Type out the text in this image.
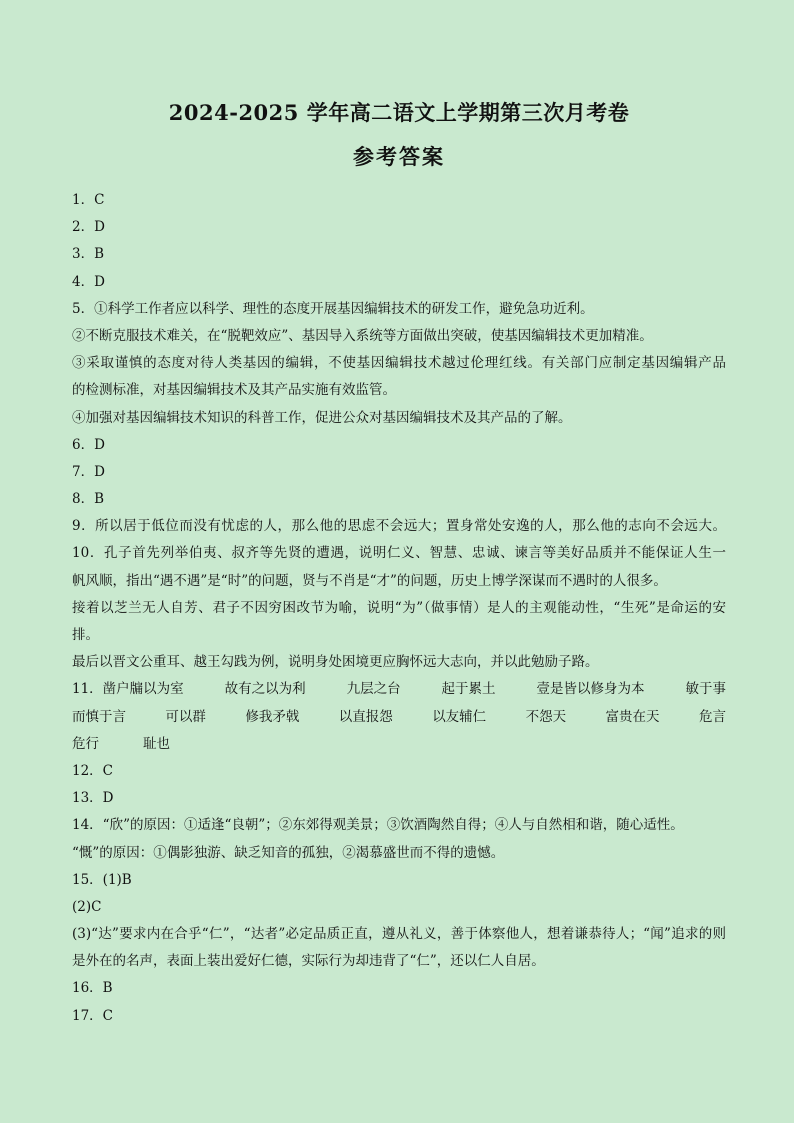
2024-2025 学年高二语文上学期第三次月考卷
参考答案
1．C
2．D
3．B
4．D
5．①科学工作者应以科学、理性的态度开展基因编辑技术的研发工作，避免急功近利。
②不断克服技术难关，在“脱靶效应”、基因导入系统等方面做出突破，使基因编辑技术更加精准。
③采取谨慎的态度对待人类基因的编辑，不使基因编辑技术越过伦理红线。有关部门应制定基因编辑产品
的检测标准，对基因编辑技术及其产品实施有效监管。
④加强对基因编辑技术知识的科普工作，促进公众对基因编辑技术及其产品的了解。
6．D
7．D
8．B
9．所以居于低位而没有忧虑的人，那么他的思虑不会远大；置身常处安逸的人，那么他的志向不会远大。
10．孔子首先列举伯夷、叔齐等先贤的遭遇，说明仁义、智慧、忠诚、谏言等美好品质并不能保证人生一
帆风顺，指出“遇不遇”是“时”的问题，贤与不肖是“才”的问题，历史上博学深谋而不遇时的人很多。
接着以芝兰无人自芳、君子不因穷困改节为喻，说明“为”（做事情）是人的主观能动性，“生死”是命运的安
排。
最后以晋文公重耳、越王勾践为例，说明身处困境更应胸怀远大志向，并以此勉励子路。
11．凿户牖以为室	故有之以为利	九层之台	起于累土	壹是皆以修身为本	敏于事
而慎于言	可以群	修我矛戟	以直报怨	以友辅仁	不怨天	富贵在天	危言
危行	耻也
12．C
13．D
14．“欣”的原因：①适逢“良朝”；②东郊得观美景；③饮酒陶然自得；④人与自然相和谐，随心适性。
“慨”的原因：①偶影独游、缺乏知音的孤独，②渴慕盛世而不得的遗憾。
15．(1)B
(2)C
(3)“达”要求内在合乎“仁”，“达者”必定品质正直，遵从礼义，善于体察他人，想着谦恭待人；“闻”追求的则
是外在的名声，表面上装出爱好仁德，实际行为却违背了“仁”，还以仁人自居。
16．B
17．C
